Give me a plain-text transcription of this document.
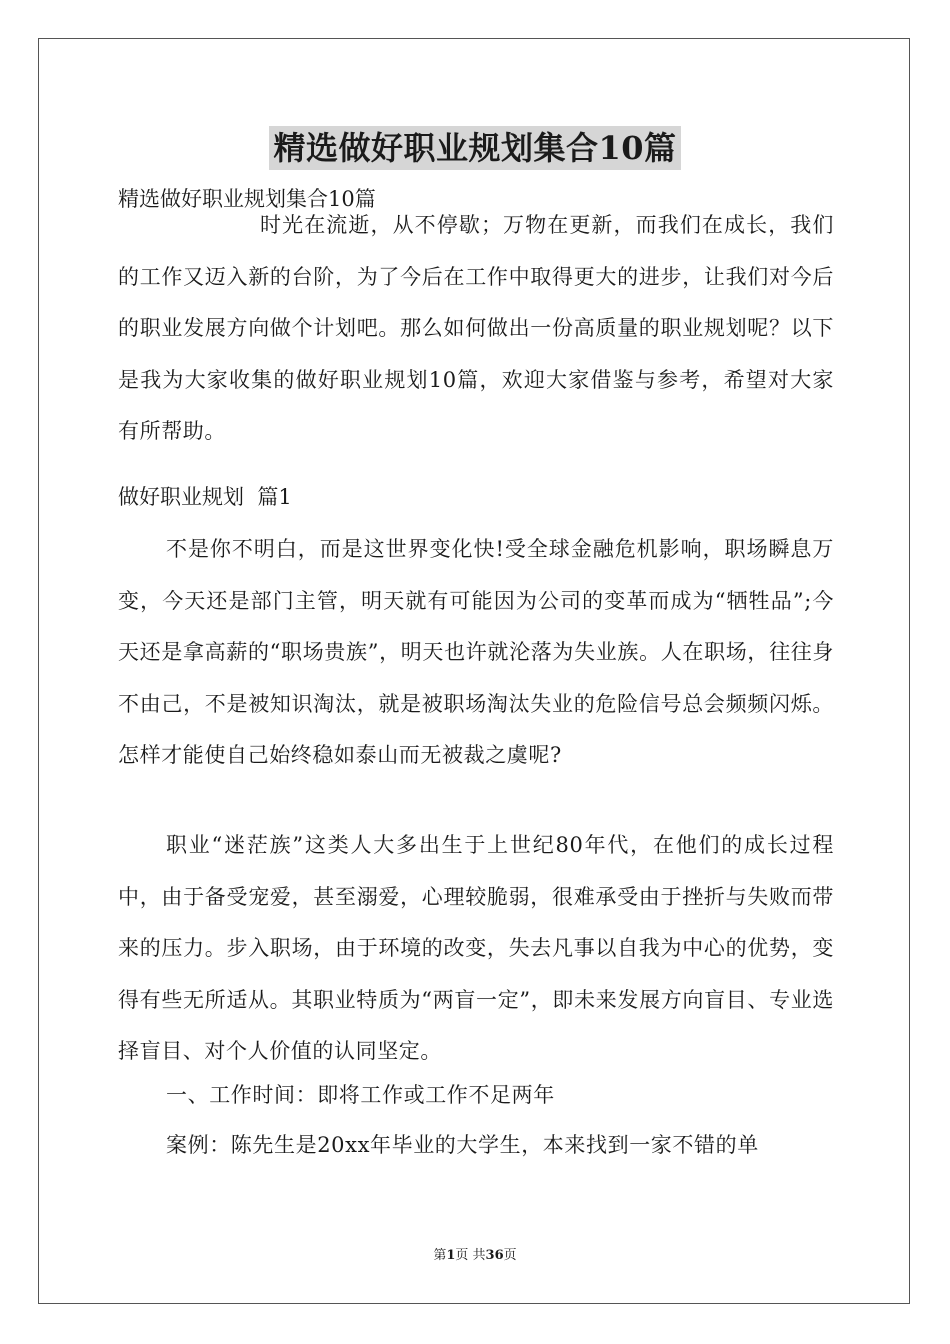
精选做好职业规划集合10篇
精选做好职业规划集合10篇
时光在流逝，从不停歇；万物在更新，而我们在成长，我们的工作又迈入新的台阶，为了今后在工作中取得更大的进步，让我们对今后的职业发展方向做个计划吧。那么如何做出一份高质量的职业规划呢？以下是我为大家收集的做好职业规划10篇，欢迎大家借鉴与参考，希望对大家有所帮助。
做好职业规划  篇1
不是你不明白，而是这世界变化快!受全球金融危机影响，职场瞬息万变，今天还是部门主管，明天就有可能因为公司的变革而成为“牺牲品”;今天还是拿高薪的“职场贵族”，明天也许就沦落为失业族。人在职场，往往身不由己，不是被知识淘汰，就是被职场淘汰失业的危险信号总会频频闪烁。怎样才能使自己始终稳如泰山而无被裁之虞呢?
职业“迷茫族”这类人大多出生于上世纪80年代，在他们的成长过程中，由于备受宠爱，甚至溺爱，心理较脆弱，很难承受由于挫折与失败而带来的压力。步入职场，由于环境的改变，失去凡事以自我为中心的优势，变得有些无所适从。其职业特质为“两盲一定”，即未来发展方向盲目、专业选择盲目、对个人价值的认同坚定。
一、工作时间：即将工作或工作不足两年
案例：陈先生是20xx年毕业的大学生，本来找到一家不错的单
第1页 共36页
